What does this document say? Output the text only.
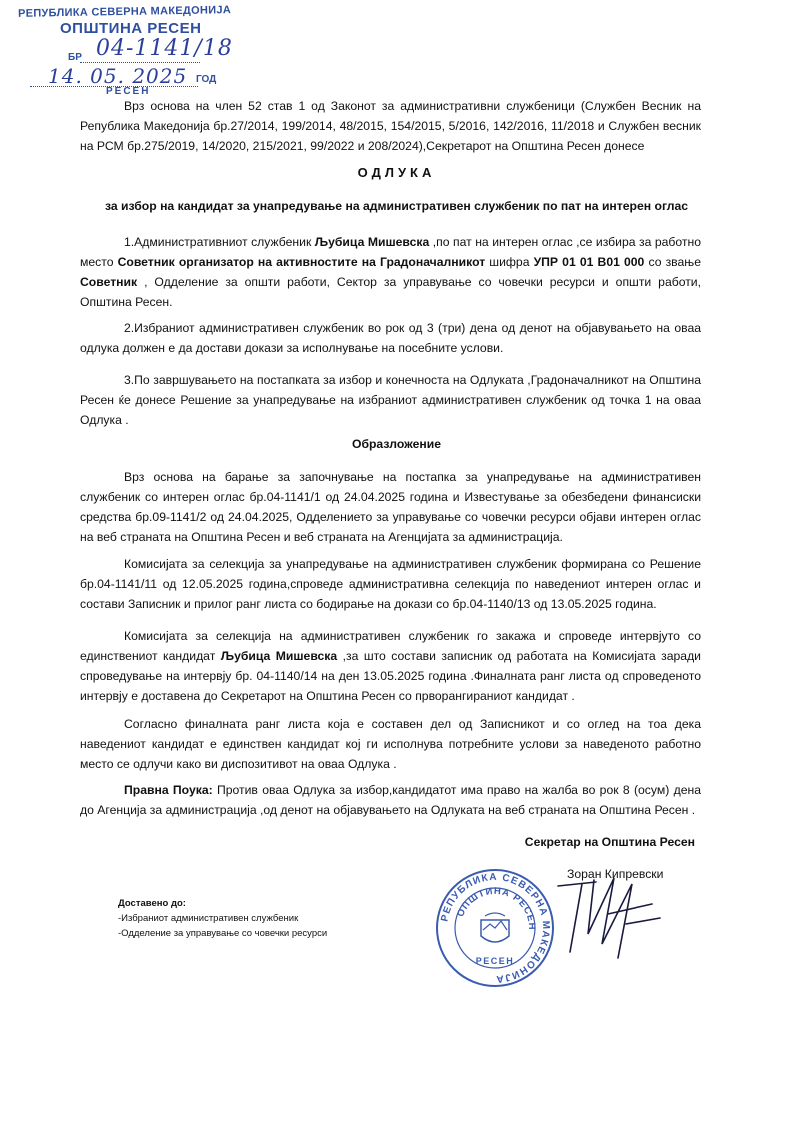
РЕПУБЛИКА СЕВЕРНА МАКЕДОНИЈА
ОПШТИНА РЕСЕН
БР 04-1141/18
14. 05. 2025 ГОД
РЕСЕН

Врз основа на член 52 став 1 од Законот за административни службеници (Службен Весник на Република Македонија бр.27/2014, 199/2014, 48/2015, 154/2015, 5/2016, 142/2016, 11/2018 и Службен весник на РСМ бр.275/2019, 14/2020, 215/2021, 99/2022 и 208/2024),Секретарот на Општина Ресен донесе

ОДЛУКА
за избор на кандидат за унапредување на административен службеник по пат на интерен оглас

1.Административниот службеник Љубица Мишевска ,по пат на интерен оглас ,се избира за работно место Советник организатор на активностите на Градоначалникот шифра УПР 01 01 В01 000 со звање Советник , Одделение за општи работи, Сектор за управување со човечки ресурси и општи работи, Општина Ресен.

2.Избраниот административен службеник во рок од 3 (три) дена од денот на објавувањето на оваа одлука должен е да достави докази за исполнување на посебните услови.

3.По завршувањето на постапката за избор и конечноста на Одлуката ,Градоначалникот на Општина Ресен ќе донесе Решение за унапредување на избраниот административен службеник од точка 1 на оваа Одлука .

Образложение

Врз основа на барање за започнување на постапка за унапредување на административен службеник со интерен оглас бр.04-1141/1 од 24.04.2025 година и Известување за обезбедени финансиски средства бр.09-1141/2 од 24.04.2025, Одделението за управување со човечки ресурси објави интерен оглас на веб страната на Општина Ресен и веб страната на Агенцијата за администрација.

Комисијата за селекција за унапредување на административен службеник формирана со Решение бр.04-1141/11 од 12.05.2025 година,спроведе административна селекција по наведениот интерен оглас и состави Записник и прилог ранг листа со бодирање на докази со бр.04-1140/13 од 13.05.2025 година.

Комисијата за селекција на административен службеник го закажа и спроведе интервјуто со единствениот кандидат Љубица Мишевска ,за што состави записник од работата на Комисијата заради спроведување на интервју бр. 04-1140/14 на ден 13.05.2025 година .Финалната ранг листа од спроведеното интервју е доставена до Секретарот на Општина Ресен со прворангираниот кандидат .

Согласно финалната ранг листа која е составен дел од Записникот и со оглед на тоа дека наведениот кандидат е единствен кандидат кој ги исполнува потребните услови за наведеното работно место се одлучи како ви диспозитивот на оваа Одлука .

Правна Поука: Против оваа Одлука за избор,кандидатот има право на жалба во рок 8 (осум) дена до Агенција за администрација ,од денот на објавувањето на Одлуката на веб страната на Општина Ресен .

Секретар на Општина Ресен
Зоран Кипревски
РЕПУБЛИКА СЕВЕРНА МАКЕДОНИЈА
ОПШТИНА РЕСЕН
РЕСЕН
Доставено до:
-Избраниот административен службеник
-Одделение за управување со човечки ресурси
